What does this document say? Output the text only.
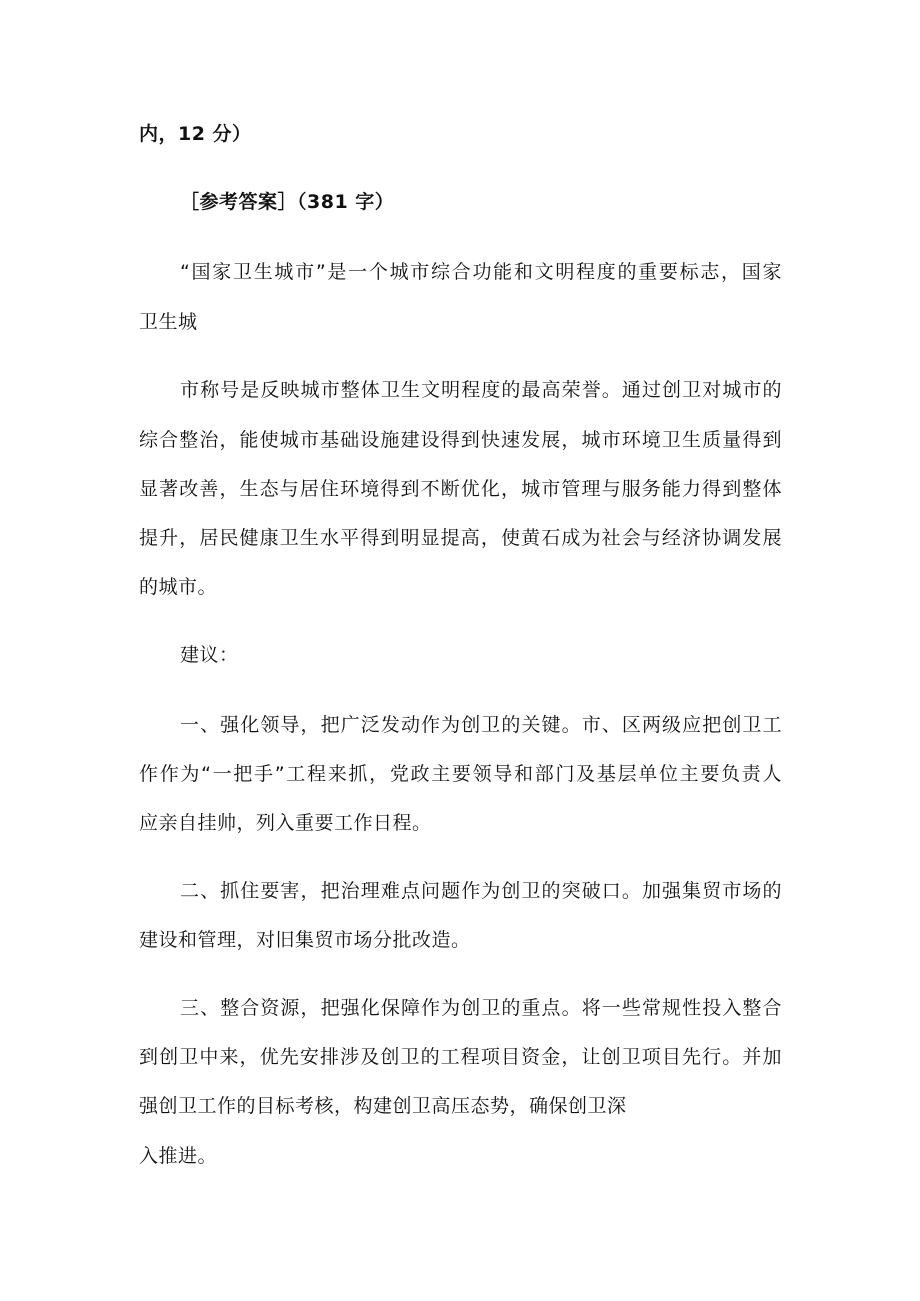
内，12 分）
［参考答案］（381 字）
“国家卫生城市”是一个城市综合功能和文明程度的重要标志，国家
卫生城
市称号是反映城市整体卫生文明程度的最高荣誉。通过创卫对城市的
综合整治，能使城市基础设施建设得到快速发展，城市环境卫生质量得到
显著改善，生态与居住环境得到不断优化，城市管理与服务能力得到整体
提升，居民健康卫生水平得到明显提高，使黄石成为社会与经济协调发展
的城市。
建议：
一、强化领导，把广泛发动作为创卫的关键。市、区两级应把创卫工
作作为“一把手”工程来抓，党政主要领导和部门及基层单位主要负责人
应亲自挂帅，列入重要工作日程。
二、抓住要害，把治理难点问题作为创卫的突破口。加强集贸市场的
建设和管理，对旧集贸市场分批改造。
三、整合资源，把强化保障作为创卫的重点。将一些常规性投入整合
到创卫中来，优先安排涉及创卫的工程项目资金，让创卫项目先行。并加
强创卫工作的目标考核，构建创卫高压态势，确保创卫深
入推进。
